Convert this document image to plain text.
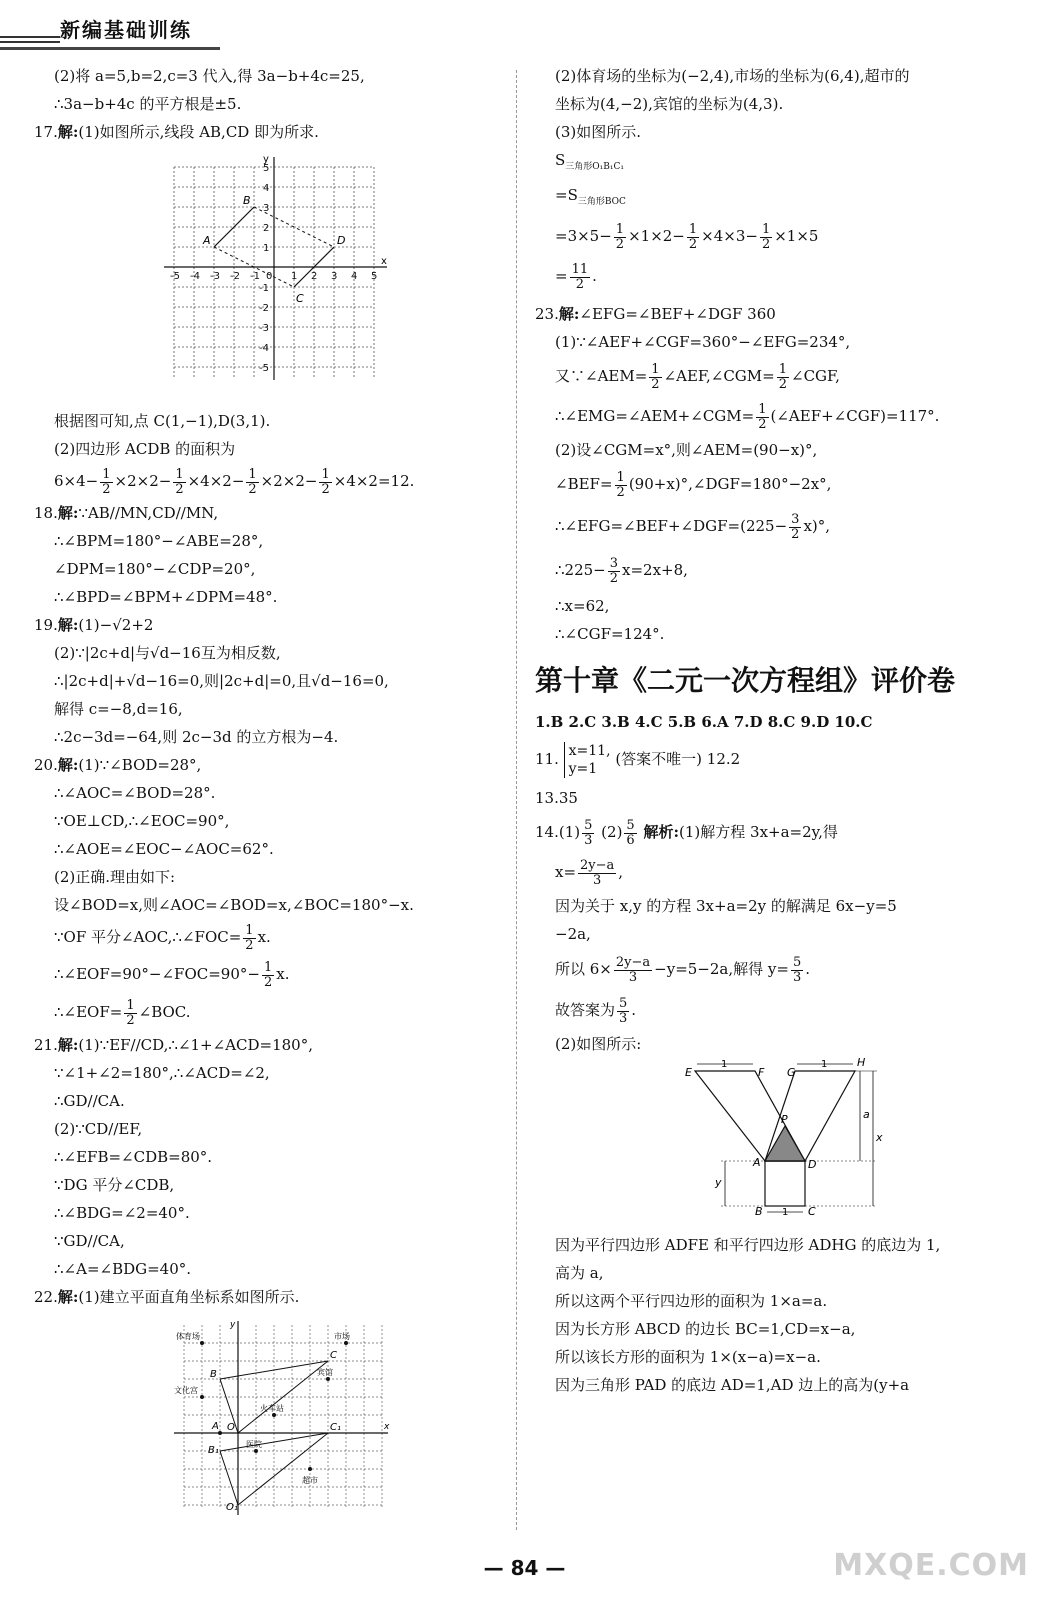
新编基础训练
(2)将 a=5,b=2,c=3 代入,得 3a−b+4c=25,
∴3a−b+4c 的平方根是±5.
17.解:(1)如图所示,线段 AB,CD 即为所求.
x
y
-5 -4 -3 -2 -1 0 1 2 3 4 5
5
4
3
2
1
-1
-2
-3
-4
-5
A
B
C
D
根据图可知,点 C(1,−1),D(3,1).
(2)四边形 ACDB 的面积为
$6\times 4- \frac{1}{2} \times 2\times 2- \frac{1}{2} \times 4\times 2- \frac{1}{2} \times 2\times 2- \frac{1}{2} \times 4\times 2=12$.
18.解:∵AB//MN,CD//MN,
∴∠BPM=180°−∠ABE=28°,
∠DPM=180°−∠CDP=20°,
∴∠BPD=∠BPM+∠DPM=48°.
19.解:(1)−√2+2
(2)∵|2c+d|与√d−16互为相反数,
∴|2c+d|+√d−16=0,则|2c+d|=0,且√d−16=0,
解得 c=−8,d=16,
∴2c−3d=−64,则 2c−3d 的立方根为−4.
20.解:(1)∵∠BOD=28°,
∴∠AOC=∠BOD=28°.
∵OE⊥CD,∴∠EOC=90°,
∴∠AOE=∠EOC−∠AOC=62°.
(2)正确.理由如下:
设∠BOD=x,则∠AOC=∠BOD=x,∠BOC=180°−x.
∵OF 平分∠AOC,∴∠FOC= $\frac{1}{2} x$.
∴∠EOF=90°−∠FOC=90°− $\frac{1}{2} x$.
∴∠EOF= $\frac{1}{2}$ ∠BOC.
21.解:(1)∵EF//CD,∴∠1+∠ACD=180°,
∵∠1+∠2=180°,∴∠ACD=∠2,
∴GD//CA.
(2)∵CD//EF,
∴∠EFB=∠CDB=80°.
∵DG 平分∠CDB,
∴∠BDG=∠2=40°.
∵GD//CA,
∴∠A=∠BDG=40°.
22.解:(1)建立平面直角坐标系如图所示.
x
y
体育场	市场
文化宫
宾馆
火车站
医院
超市
B
C
A O	C₁
B₁
O₁
(2)体育场的坐标为(−2,4),市场的坐标为(6,4),超市的
坐标为(4,−2),宾馆的坐标为(4,3).
(3)如图所示.
$S_{三角形O_1B_1C_1}$
$=S_{三角形BOC}$
$=3\times 5- \frac{1}{2} \times 1\times 2- \frac{1}{2} \times 4\times 3- \frac{1}{2} \times 1\times 5$
= $\frac{11}{2}$ .
23.解:∠EFG=∠BEF+∠DGF 360
(1)∵∠AEF+∠CGF=360°−∠EFG=234°,
又∵∠AEM= $\frac{1}{2}$ ∠AEF,∠CGM= $\frac{1}{2}$ ∠CGF,
∴∠EMG=∠AEM+∠CGM= $\frac{1}{2}$ (∠AEF+∠CGF)=117°.
(2)设∠CGM=x°,则∠AEM=(90−x)°,
∠BEF= $\frac{1}{2}$ (90+x)°,∠DGF=180°−2x°,
∴∠EFG=∠BEF+∠DGF=(225− $\frac{3}{2} x)^\circ$,
∴225− $\frac{3}{2} x=2x+8$,
∴x=62,
∴∠CGF=124°.
第十章《二元一次方程组》评价卷
1.B 2.C 3.B 4.C 5.B 6.A 7.D 8.C 9.D 10.C
11. x=11,
y=1
(答案不唯一) 12.2
13.35
$14.(1) \frac{5}{3} (2) \frac{5}{6}$ 解析:(1)解方程 3x+a=2y,得
$x= \frac{2y-a}{3}$ ,
因为关于 x,y 的方程 3x+a=2y 的解满足 6x−y=5
−2a,
所以 $6\times \frac{2y-a}{3} -y=5-2a$,解得 $y= \frac{5}{3}$ .
故答案为 $\frac{5}{3}$ .
(2)如图所示:
1	1
1
E	F G
H
P
A	D
B	C
a
x
y
因为平行四边形 ADFE 和平行四边形 ADHG 的底边为 1,
高为 a,
所以这两个平行四边形的面积为 1×a=a.
因为长方形 ABCD 的边长 BC=1,CD=x−a,
所以该长方形的面积为 1×(x−a)=x−a.
因为三角形 PAD 的底边 AD=1,AD 边上的高为(y+a
— 84 —	MXQE.COM
